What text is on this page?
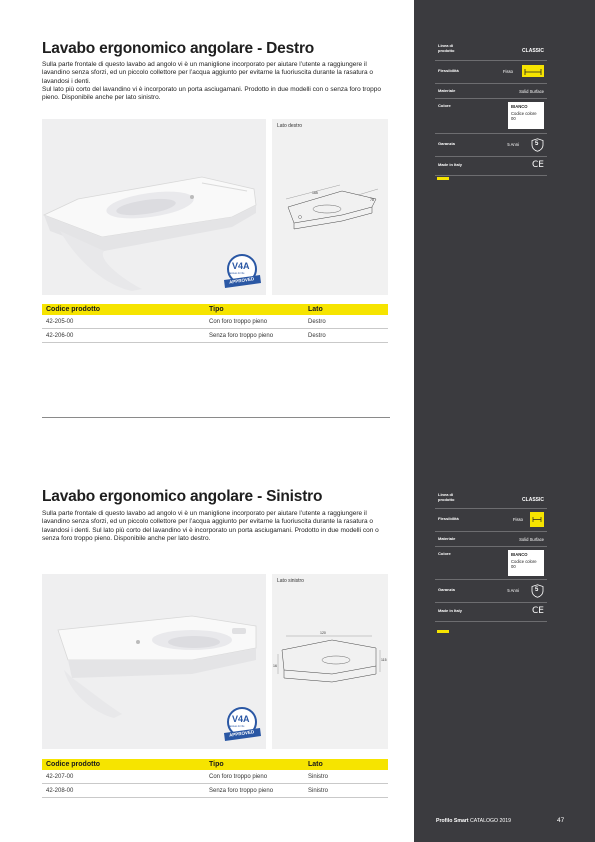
Lavabo ergonomico angolare - Destro

Sulla parte frontale di questo lavabo ad angolo vi è un maniglione incorporato per aiutare l’utente a raggiungere il lavandino senza sforzi, ed un piccolo collettore per l’acqua aggiunto per evitarne la fuoriuscita durante la rasatura o lavandosi i denti.

Sul lato più corto del lavandino vi è incorporato un porta asciugamani. Prodotto in due modelli con o senza foro troppo pieno. Disponibile anche per lato sinistro.

V4A
stainless for life
APPROVED
Lato destro
165
78
Codice prodotto	Tipo	Lato
42-205-00	Con foro troppo pieno	Destro
42-206-00	Senza foro troppo pieno	Destro
Linea di prodotto	CLASSIC
Flessibilità	Fisso
Materiale	Solid Surface
Colore	BIANCO
Codice colore
00
Garanzia	5 Anni	5
Made in Italy	CE
Lavabo ergonomico angolare - Sinistro

Sulla parte frontale di questo lavabo ad angolo vi è un maniglione incorporato per aiutare l’utente a raggiungere il lavandino senza sforzi, ed un piccolo collettore per l’acqua aggiunto per evitarne la fuoriuscita durante la rasatura o lavandosi i denti. Sul lato più corto del lavandino vi è incorporato un porta asciugamani. Prodotto in due modelli con o senza foro troppo pieno. Disponibile anche per lato destro.

V4A
stainless for life
APPROVED
Lato sinistro
120
16
115
Codice prodotto	Tipo	Lato
42-207-00	Con foro troppo pieno	Sinistro
42-208-00	Senza foro troppo pieno	Sinistro
Linea di prodotto	CLASSIC
Flessibilità	Fisso
Materiale	Solid Surface
Colore	BIANCO
Codice colore
00
Garanzia	5 Anni	5
Made in Italy	CE
Profilo Smart CATALOGO 2019	47
